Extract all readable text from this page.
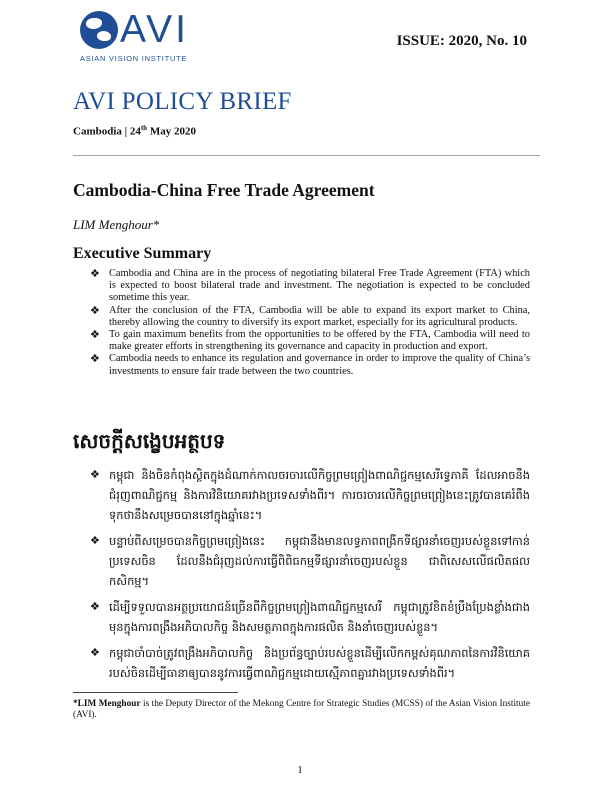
AVI
ASIAN VISION INSTITUTE
ISSUE: 2020, No. 10
AVI POLICY BRIEF
Cambodia | 24th May 2020
Cambodia-China Free Trade Agreement
LIM Menghour*
Executive Summary
❖ Cambodia and China are in the process of negotiating bilateral Free Trade Agreement (FTA) which is expected to boost bilateral trade and investment. The negotiation is expected to be concluded sometime this year.
❖ After the conclusion of the FTA, Cambodia will be able to expand its export market to China, thereby allowing the country to diversify its export market, especially for its agricultural products.
❖ To gain maximum benefits from the opportunities to be offered by the FTA, Cambodia will need to make greater efforts in strengthening its governance and capacity in production and export.
❖ Cambodia needs to enhance its regulation and governance in order to improve the quality of China’s investments to ensure fair trade between the two countries.
សេចក្តីសង្ខេបអត្ថបទ
❖ កម្ពុជា និងចិនកំពុងស្ថិតក្នុងដំណាក់កាលចរចារលើកិច្ចព្រមព្រៀងពាណិជ្ជកម្មសេរីទ្វេភាគី ដែលអាចនឹងជំរុញពាណិជ្ជកម្ម និងការវិនិយោគរវាងប្រទេសទាំងពីរ។ ការចរចារលើកិច្ចព្រមព្រៀងនេះត្រូវបានគេរំពឹងទុកថានឹងសម្រេចបាននៅក្នុងឆ្នាំនេះ។
❖ បន្ទាប់ពីសម្រេចបានកិច្ចព្រមព្រៀងនេះ កម្ពុជានឹងមានលទ្ធភាពពង្រីកទីផ្សារនាំចេញរបស់ខ្លួនទៅកាន់ប្រទេសចិន ដែលនឹងជំរុញដល់ការធ្វើពិពិធកម្មទីផ្សារនាំចេញរបស់ខ្លួន ជាពិសេសលើផលិតផលកសិកម្ម។
❖ ដើម្បីទទួលបានអត្ថប្រយោជន៍ច្រើនពីកិច្ចព្រមព្រៀងពាណិជ្ជកម្មសេរី កម្ពុជាត្រូវខិតខំប្រឹងប្រែងខ្លាំងជាងមុនក្នុងការពង្រឹងអភិបាលកិច្ច និងសមត្ថភាពក្នុងការផលិត និងនាំចេញរបស់ខ្លួន។
❖ កម្ពុជាចាំបាច់ត្រូវពង្រឹងអភិបាលកិច្ច និងប្រព័ន្ធច្បាប់របស់ខ្លួនដើម្បីលើកកម្ពស់គុណភាពនៃការវិនិយោគរបស់ចិនដើម្បីធានាឲ្យបាននូវការធ្វើពាណិជ្ជកម្មដោយស្មើភាពគ្នារវាងប្រទេសទាំងពីរ។
*LIM Menghour is the Deputy Director of the Mekong Centre for Strategic Studies (MCSS) of the Asian Vision Institute (AVI).
1
